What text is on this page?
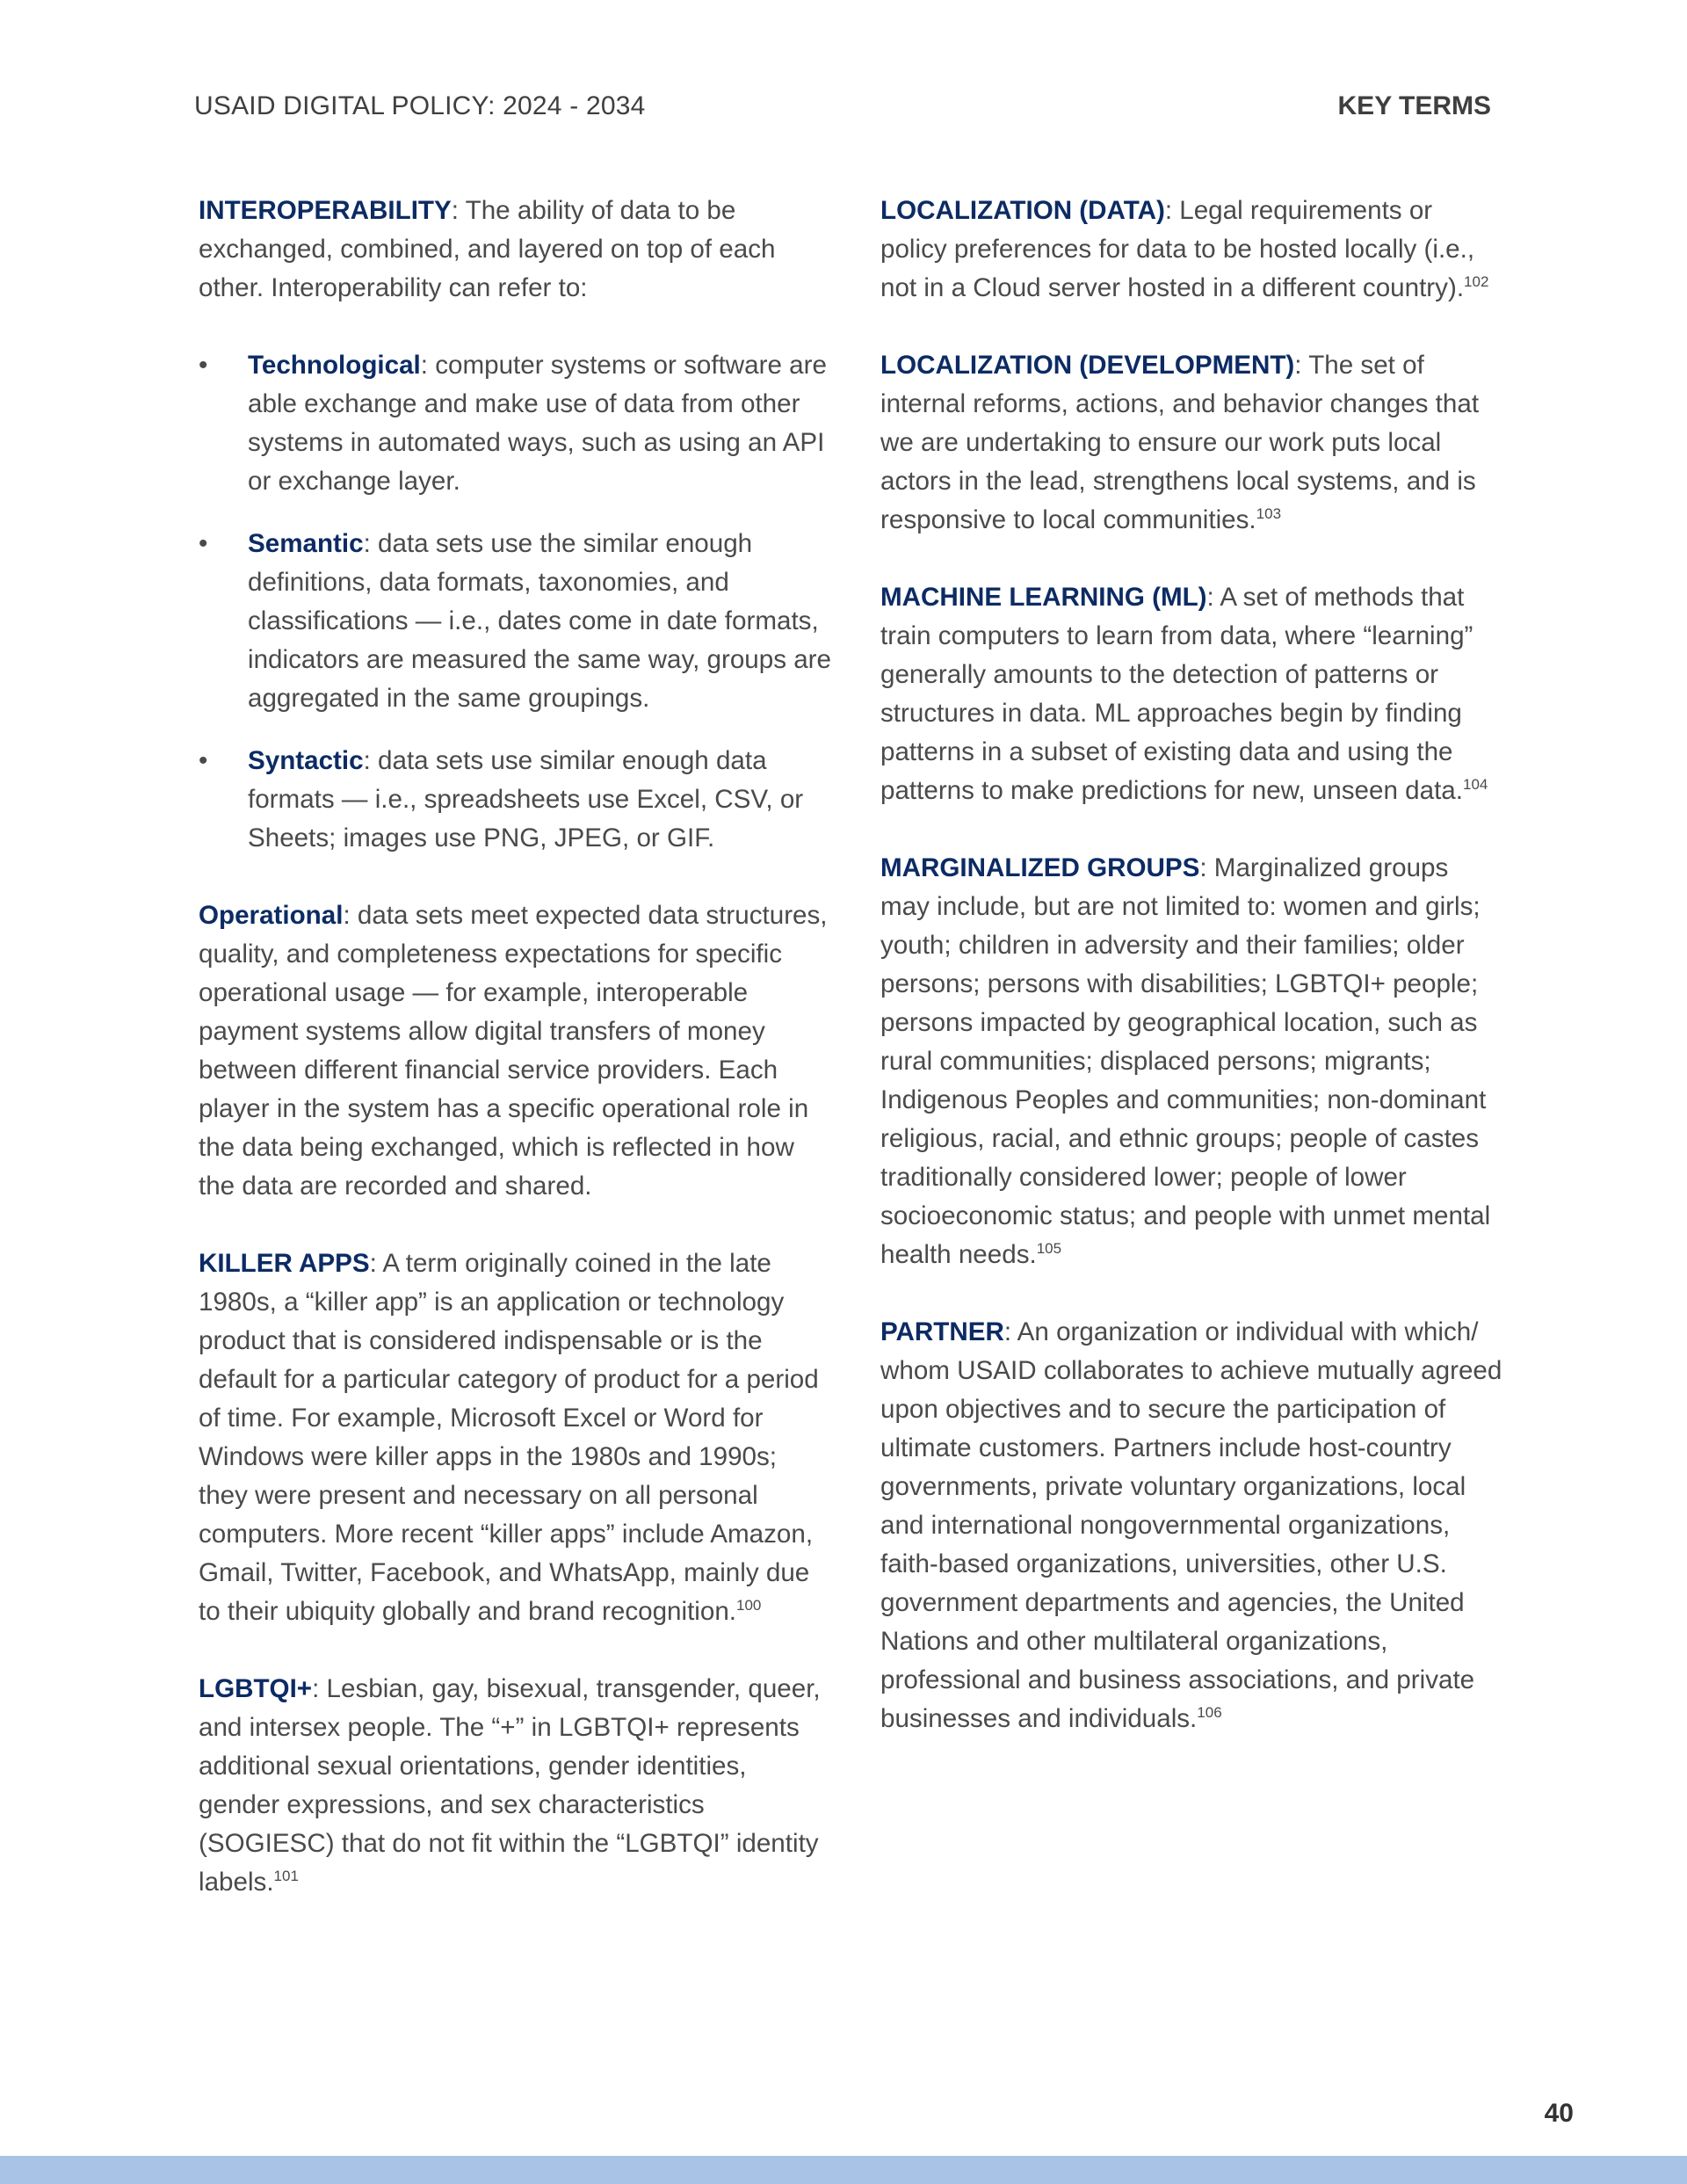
USAID DIGITAL POLICY: 2024 - 2034	KEY TERMS

INTEROPERABILITY: The ability of data to be exchanged, combined, and layered on top of each other. Interoperability can refer to:

• Technological: computer systems or software are able exchange and make use of data from other systems in automated ways, such as using an API or exchange layer.
• Semantic: data sets use the similar enough definitions, data formats, taxonomies, and classifications — i.e., dates come in date formats, indicators are measured the same way, groups are aggregated in the same groupings.
• Syntactic: data sets use similar enough data formats — i.e., spreadsheets use Excel, CSV, or Sheets; images use PNG, JPEG, or GIF.

Operational: data sets meet expected data structures, quality, and completeness expectations for specific operational usage — for example, interoperable payment systems allow digital transfers of money between different financial service providers. Each player in the system has a specific operational role in the data being exchanged, which is reflected in how the data are recorded and shared.

KILLER APPS: A term originally coined in the late 1980s, a “killer app” is an application or technology product that is considered indispensable or is the default for a particular category of product for a period of time. For example, Microsoft Excel or Word for Windows were killer apps in the 1980s and 1990s; they were present and necessary on all personal computers. More recent “killer apps” include Amazon, Gmail, Twitter, Facebook, and WhatsApp, mainly due to their ubiquity globally and brand recognition.$^{100}$

LGBTQI+: Lesbian, gay, bisexual, transgender, queer, and intersex people. The “+” in LGBTQI+ represents additional sexual orientations, gender identities, gender expressions, and sex characteristics (SOGIESC) that do not fit within the “LGBTQI” identity labels.$^{101}$

LOCALIZATION (DATA): Legal requirements or policy preferences for data to be hosted locally (i.e., not in a Cloud server hosted in a different country).$^{102}$

LOCALIZATION (DEVELOPMENT): The set of internal reforms, actions, and behavior changes that we are undertaking to ensure our work puts local actors in the lead, strengthens local systems, and is responsive to local communities.$^{103}$

MACHINE LEARNING (ML): A set of methods that train computers to learn from data, where “learning” generally amounts to the detection of patterns or structures in data. ML approaches begin by finding patterns in a subset of existing data and using the patterns to make predictions for new, unseen data.$^{104}$

MARGINALIZED GROUPS: Marginalized groups may include, but are not limited to: women and girls; youth; children in adversity and their families; older persons; persons with disabilities; LGBTQI+ people; persons impacted by geographical location, such as rural communities; displaced persons; migrants; Indigenous Peoples and communities; non-dominant religious, racial, and ethnic groups; people of castes traditionally considered lower; people of lower socioeconomic status; and people with unmet mental health needs.$^{105}$

PARTNER: An organization or individual with which/ whom USAID collaborates to achieve mutually agreed upon objectives and to secure the participation of ultimate customers. Partners include host-country governments, private voluntary organizations, local and international nongovernmental organizations, faith-based organizations, universities, other U.S. government departments and agencies, the United Nations and other multilateral organizations, professional and business associations, and private businesses and individuals.$^{106}$

40
